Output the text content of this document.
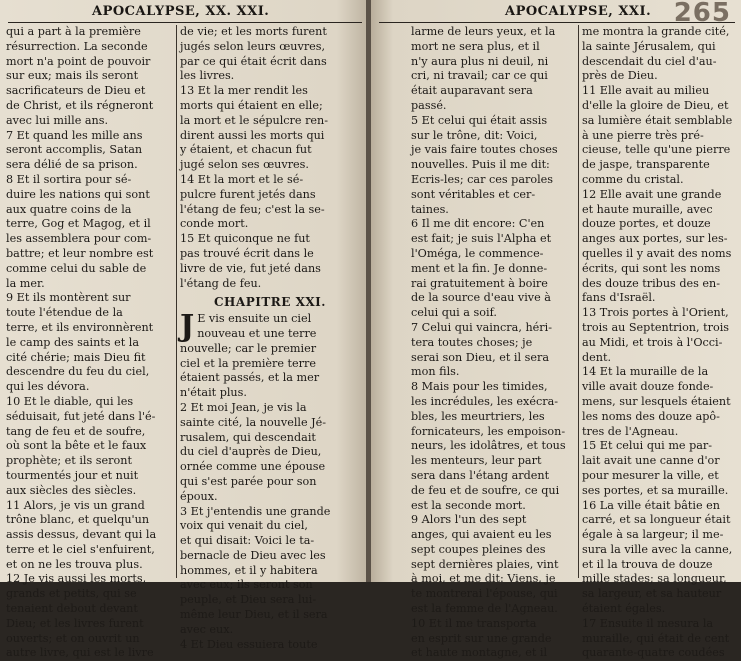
APOCALYPSE, XX. XXI.
qui a part à la première
résurrection. La seconde
mort n'a point de pouvoir
sur eux; mais ils seront
sacrificateurs de Dieu et
de Christ, et ils régneront
avec lui mille ans.
7 Et quand les mille ans
seront accomplis, Satan
sera délié de sa prison.
8 Et il sortira pour sé-
duire les nations qui sont
aux quatre coins de la
terre, Gog et Magog, et il
les assemblera pour com-
battre; et leur nombre est
comme celui du sable de
la mer.
9 Et ils montèrent sur
toute l'étendue de la
terre, et ils environnèrent
le camp des saints et la
cité chérie; mais Dieu fit
descendre du feu du ciel,
qui les dévora.
10 Et le diable, qui les
séduisait, fut jeté dans l'é-
tang de feu et de soufre,
où sont la bête et le faux
prophète; et ils seront
tourmentés jour et nuit
aux siècles des siècles.
11 Alors, je vis un grand
trône blanc, et quelqu'un
assis dessus, devant qui la
terre et le ciel s'enfuirent,
et on ne les trouva plus.
12 Je vis aussi les morts,
grands et petits, qui se
tenaient debout devant
Dieu; et les livres furent
ouverts; et on ouvrit un
autre livre, qui est le livre
de vie; et les morts furent
jugés selon leurs œuvres,
par ce qui était écrit dans
les livres.
13 Et la mer rendit les
morts qui étaient en elle;
la mort et le sépulcre ren-
dirent aussi les morts qui
y étaient, et chacun fut
jugé selon ses œuvres.
14 Et la mort et le sé-
pulcre furent jetés dans
l'étang de feu; c'est la se-
conde mort.
15 Et quiconque ne fut
pas trouvé écrit dans le
livre de vie, fut jeté dans
l'étang de feu.
CHAPITRE XXI.
J E vis ensuite un ciel
nouveau et une terre
nouvelle; car le premier
ciel et la première terre
étaient passés, et la mer
n'était plus.
2 Et moi Jean, je vis la
sainte cité, la nouvelle Jé-
rusalem, qui descendait
du ciel d'auprès de Dieu,
ornée comme une épouse
qui s'est parée pour son
époux.
3 Et j'entendis une grande
voix qui venait du ciel,
et qui disait: Voici le ta-
bernacle de Dieu avec les
hommes, et il y habitera
avec eux; ils seront son
peuple, et Dieu sera lui-
même leur Dieu, et il sera
avec eux.
4 Et Dieu essuiera toute
APOCALYPSE, XXI. 265
larme de leurs yeux, et la
mort ne sera plus, et il
n'y aura plus ni deuil, ni
cri, ni travail; car ce qui
était auparavant sera
passé.
5 Et celui qui était assis
sur le trône, dit: Voici,
je vais faire toutes choses
nouvelles. Puis il me dit:
Ecris-les; car ces paroles
sont véritables et cer-
taines.
6 Il me dit encore: C'en
est fait; je suis l'Alpha et
l'Oméga, le commence-
ment et la fin. Je donne-
rai gratuitement à boire
de la source d'eau vive à
celui qui a soif.
7 Celui qui vaincra, héri-
tera toutes choses; je
serai son Dieu, et il sera
mon fils.
8 Mais pour les timides,
les incrédules, les exécra-
bles, les meurtriers, les
fornicateurs, les empoison-
neurs, les idolâtres, et tous
les menteurs, leur part
sera dans l'étang ardent
de feu et de soufre, ce qui
est la seconde mort.
9 Alors l'un des sept
anges, qui avaient eu les
sept coupes pleines des
sept dernières plaies, vint
à moi, et me dit: Viens, je
te montrerai l'épouse, qui
est la femme de l'Agneau.
10 Et il me transporta
en esprit sur une grande
et haute montagne, et il
me montra la grande cité,
la sainte Jérusalem, qui
descendait du ciel d'au-
près de Dieu.
11 Elle avait au milieu
d'elle la gloire de Dieu, et
sa lumière était semblable
à une pierre très pré-
cieuse, telle qu'une pierre
de jaspe, transparente
comme du cristal.
12 Elle avait une grande
et haute muraille, avec
douze portes, et douze
anges aux portes, sur les-
quelles il y avait des noms
écrits, qui sont les noms
des douze tribus des en-
fans d'Israël.
13 Trois portes à l'Orient,
trois au Septentrion, trois
au Midi, et trois à l'Occi-
dent.
14 Et la muraille de la
ville avait douze fonde-
mens, sur lesquels étaient
les noms des douze apô-
tres de l'Agneau.
15 Et celui qui me par-
lait avait une canne d'or
pour mesurer la ville, et
ses portes, et sa muraille.
16 La ville était bâtie en
carré, et sa longueur était
égale à sa largeur; il me-
sura la ville avec la canne,
et il la trouva de douze
mille stades; sa longueur,
sa largeur, et sa hauteur
étaient égales.
17 Ensuite il mesura la
muraille, qui était de cent
quarante-quatre coudées
